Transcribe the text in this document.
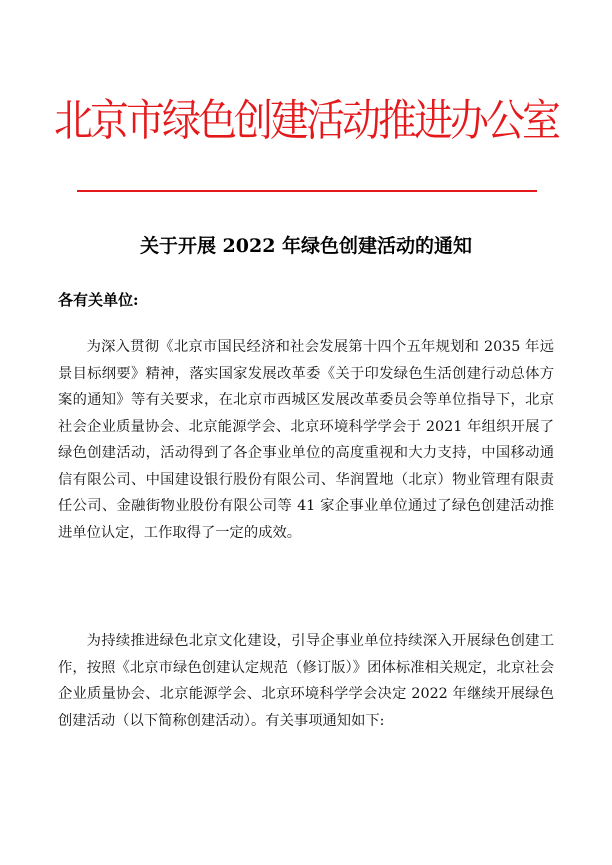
北京市绿色创建活动推进办公室
关于开展 2022 年绿色创建活动的通知
各有关单位:

为深入贯彻《北京市国民经济和社会发展第十四个五年规划和 2035 年远景目标纲要》精神，落实国家发展改革委《关于印发绿色生活创建行动总体方案的通知》等有关要求，在北京市西城区发展改革委员会等单位指导下，北京社会企业质量协会、北京能源学会、北京环境科学学会于 2021 年组织开展了绿色创建活动，活动得到了各企事业单位的高度重视和大力支持，中国移动通信有限公司、中国建设银行股份有限公司、华润置地（北京）物业管理有限责任公司、金融街物业股份有限公司等 41 家企事业单位通过了绿色创建活动推进单位认定，工作取得了一定的成效。

为持续推进绿色北京文化建设，引导企事业单位持续深入开展绿色创建工作，按照《北京市绿色创建认定规范（修订版）》团体标准相关规定，北京社会企业质量协会、北京能源学会、北京环境科学学会决定 2022 年继续开展绿色创建活动（以下简称创建活动）。有关事项通知如下:
